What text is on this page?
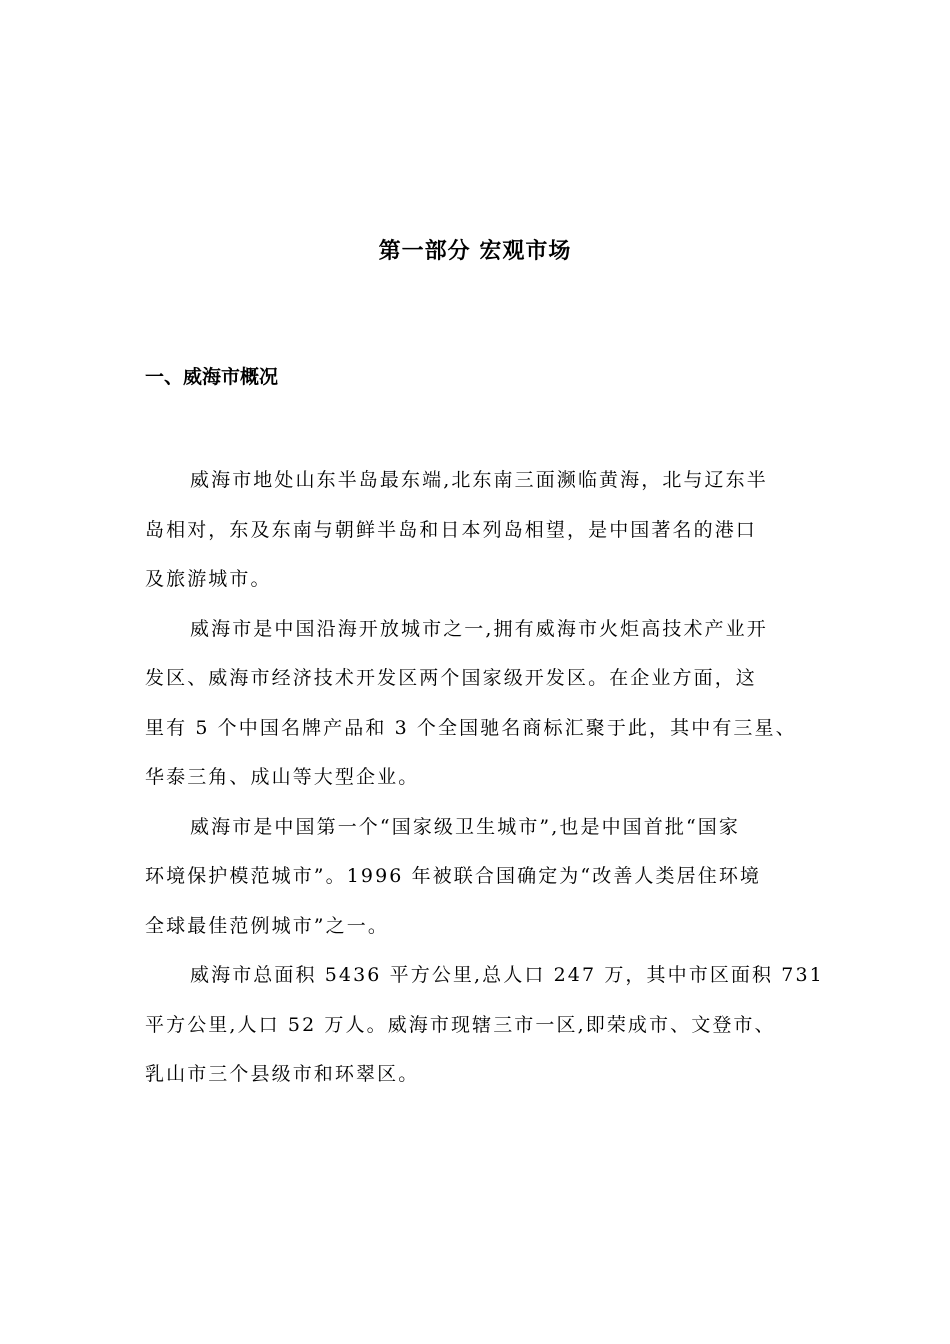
第一部分 宏观市场
一、威海市概况

威海市地处山东半岛最东端,北东南三面濒临黄海，北与辽东半
岛相对，东及东南与朝鲜半岛和日本列岛相望，是中国著名的港口
及旅游城市。

威海市是中国沿海开放城市之一,拥有威海市火炬高技术产业开
发区、威海市经济技术开发区两个国家级开发区。在企业方面，这
里有 5 个中国名牌产品和 3 个全国驰名商标汇聚于此，其中有三星、
华泰三角、成山等大型企业。

威海市是中国第一个“国家级卫生城市”,也是中国首批“国家
环境保护模范城市”。1996 年被联合国确定为“改善人类居住环境
全球最佳范例城市”之一。

威海市总面积 5436 平方公里,总人口 247 万，其中市区面积 731
平方公里,人口 52 万人。威海市现辖三市一区,即荣成市、文登市、
乳山市三个县级市和环翠区。
